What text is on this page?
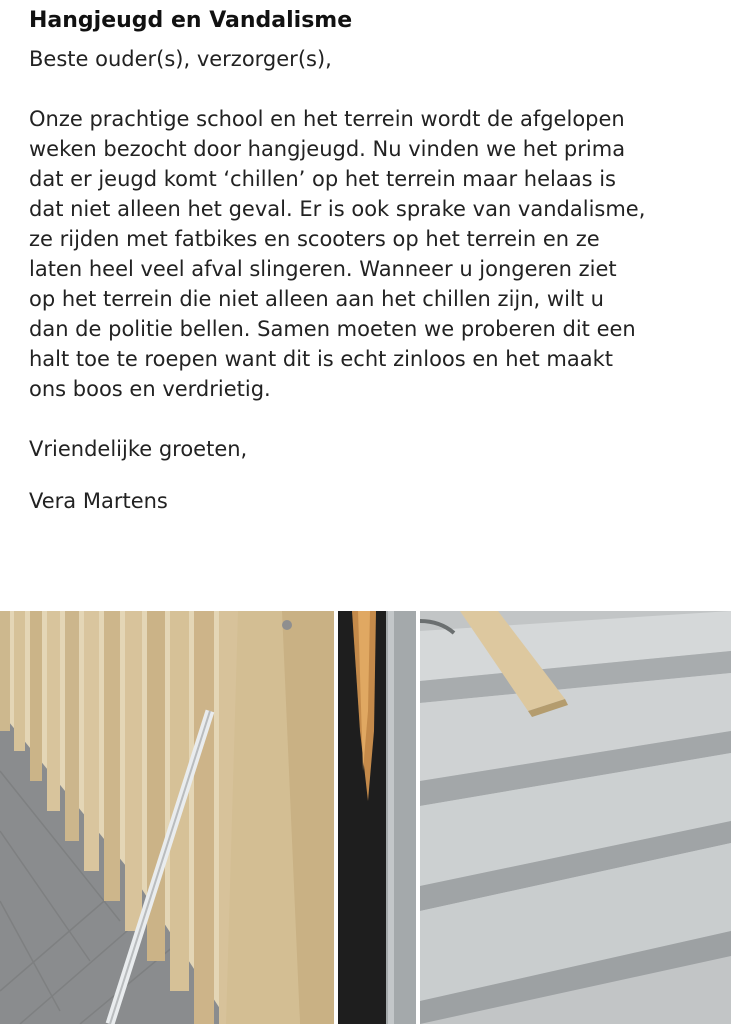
Hangjeugd en Vandalisme

Beste ouder(s), verzorger(s),

Onze prachtige school en het terrein wordt de afgelopen

weken bezocht door hangjeugd. Nu vinden we het prima

dat er jeugd komt ‘chillen’ op het terrein maar helaas is

dat niet alleen het geval. Er is ook sprake van vandalisme,

ze rijden met fatbikes en scooters op het terrein en ze

laten heel veel afval slingeren. Wanneer u jongeren ziet

op het terrein die niet alleen aan het chillen zijn, wilt u

dan de politie bellen. Samen moeten we proberen dit een

halt toe te roepen want dit is echt zinloos en het maakt

ons boos en verdrietig.

Vriendelijke groeten,

Vera Martens
